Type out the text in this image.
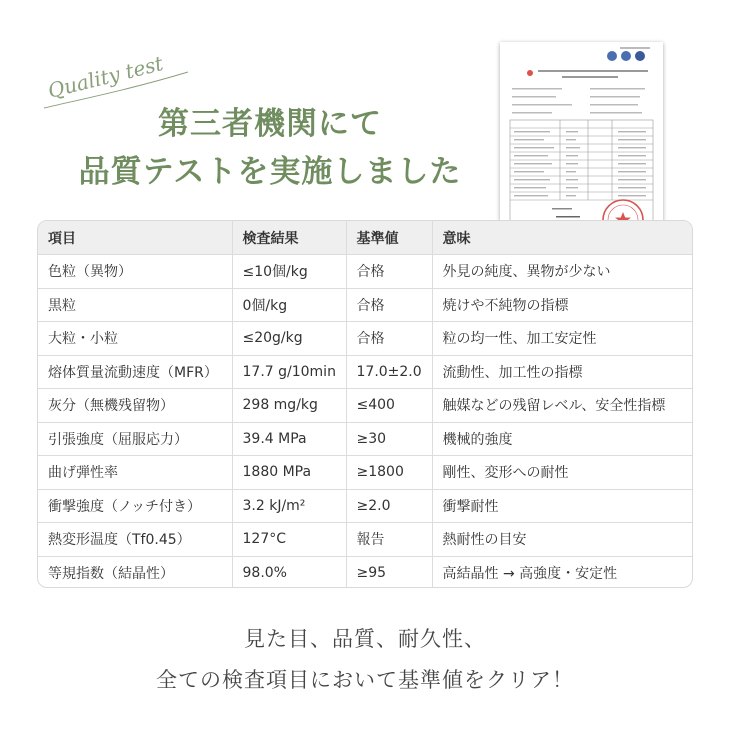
Quality test
第三者機関にて
品質テストを実施しました
項目	検査結果	基準値	意味
色粒（異物）	≤10個/kg	合格	外見の純度、異物が少ない
黒粒	0個/kg	合格	焼けや不純物の指標
大粒・小粒	≤20g/kg	合格	粒の均一性、加工安定性
熔体質量流動速度（MFR）	17.7 g/10min	17.0±2.0	流動性、加工性の指標
灰分（無機残留物）	298 mg/kg	≤400	触媒などの残留レベル、安全性指標
引張強度（屈服応力）	39.4 MPa	≥30	機械的強度
曲げ弾性率	1880 MPa	≥1800	剛性、変形への耐性
衝撃強度（ノッチ付き）	3.2 kJ/m²	≥2.0	衝撃耐性
熱変形温度（Tf0.45）	127°C	報告	熱耐性の目安
等規指数（結晶性）	98.0%	≥95	高結晶性 → 高強度・安定性
見た目、品質、耐久性、
全ての検査項目において基準値をクリア！
